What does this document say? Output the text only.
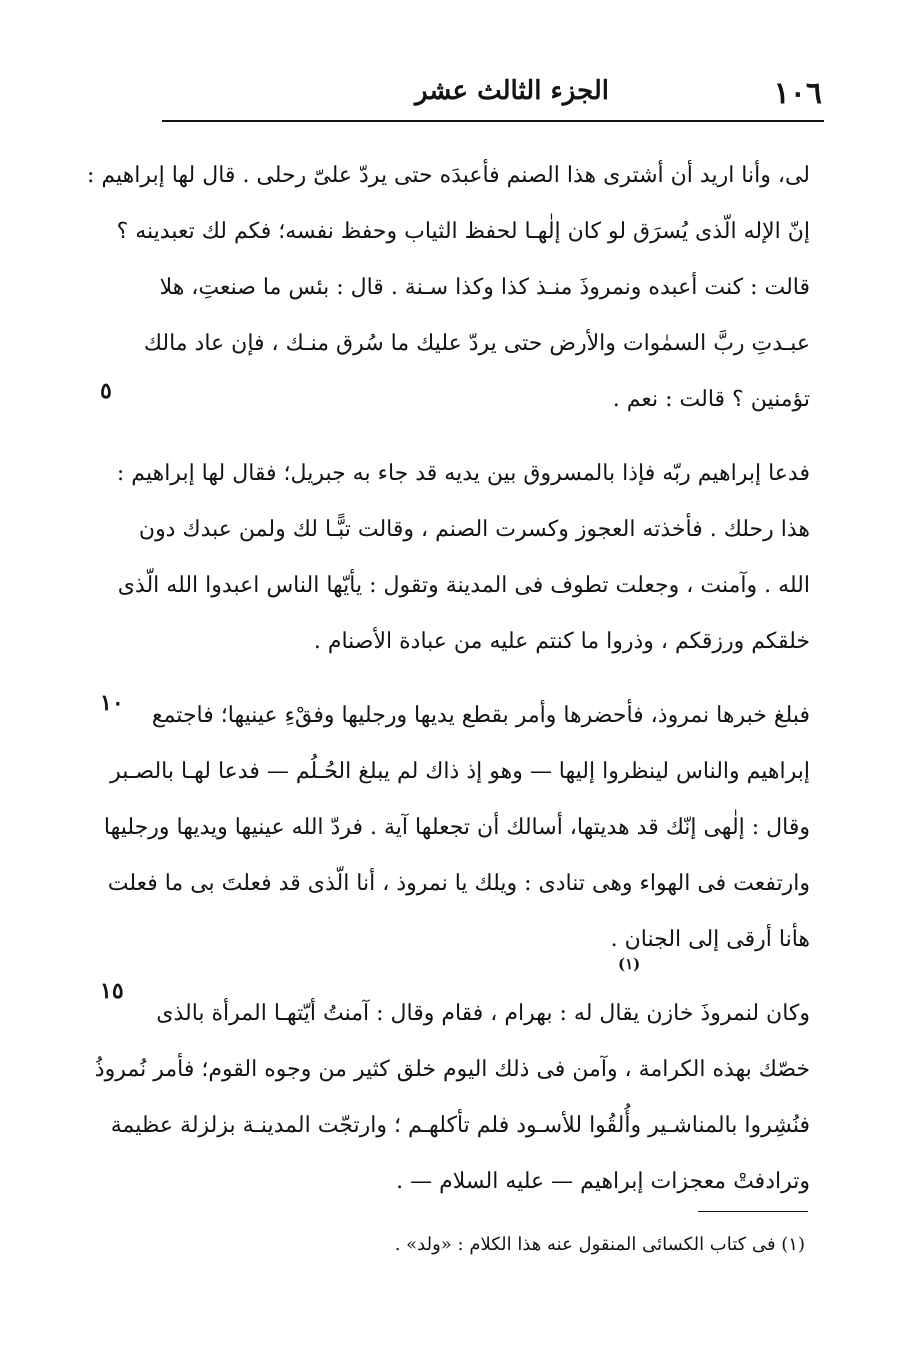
١٠٦
الجزء الثالث عشر
لى، وأنا اريد أن أشترى هذا الصنم فأعبدَه حتى يردّ علىّ رحلى . قال لها إبراهيم :
إنّ الإله الّذى يُسرَق لو كان إلٰهـا لحفظ الثياب وحفظ نفسه؛ فكم لك تعبدينه ؟
قالت : كنت أعبده ونمروذَ منـذ كذا وكذا سـنة . قال : بئس ما صنعتِ، هلا
عبـدتِ ربَّ السمٰوات والأرض حتى يردّ عليك ما سُرق منـك ، فإن عاد مالك
تؤمنين ؟ قالت : نعم .
فدعا إبراهيم ربّه فإذا بالمسروق بين يديه قد جاء به جبريل؛ فقال لها إبراهيم :
هذا رحلك . فأخذته العجوز وكسرت الصنم ، وقالت تبًّـا لك ولمن عبدك دون
الله . وآمنت ، وجعلت تطوف فى المدينة وتقول : يأيّها الناس اعبدوا الله الّذى
خلقكم ورزقكم ، وذروا ما كنتم عليه من عبادة الأصنام .
فبلغ خبرها نمروذ، فأحضرها وأمر بقطع يديها ورجليها وفقْءِ عينيها؛ فاجتمع
إبراهيم والناس لينظروا إليها — وهو إذ ذاك لم يبلغ الحُـلُم — فدعا لهـا بالصـبر
وقال : إلٰهى إنّك قد هديتها، أسالك أن تجعلها آية . فردّ الله عينيها ويديها ورجليها
وارتفعت فى الهواء وهى تنادى : ويلك يا نمروذ ، أنا الّذى قد فعلتَ بى ما فعلت
هأنا أرقى إلى الجنان .
وكان لنمروذَ خازن يقال له : بهرام ، فقام وقال : آمنتُ أيّتهـا المرأة بالذى
خصّك بهذه الكرامة ، وآمن فى ذلك اليوم خلق كثير من وجوه القوم؛ فأمر نُمروذُ
فنُشِروا بالمناشـير وأُلقُوا للأسـود فلم تأكلهـم ؛ وارتجّت المدينـة بزلزلة عظيمة
وترادفتْ معجزات إبراهيم — عليه السلام — .
٥
١٠
١٥
(١)
(١) فى كتاب الكسائى المنقول عنه هذا الكلام : «ولد» .
